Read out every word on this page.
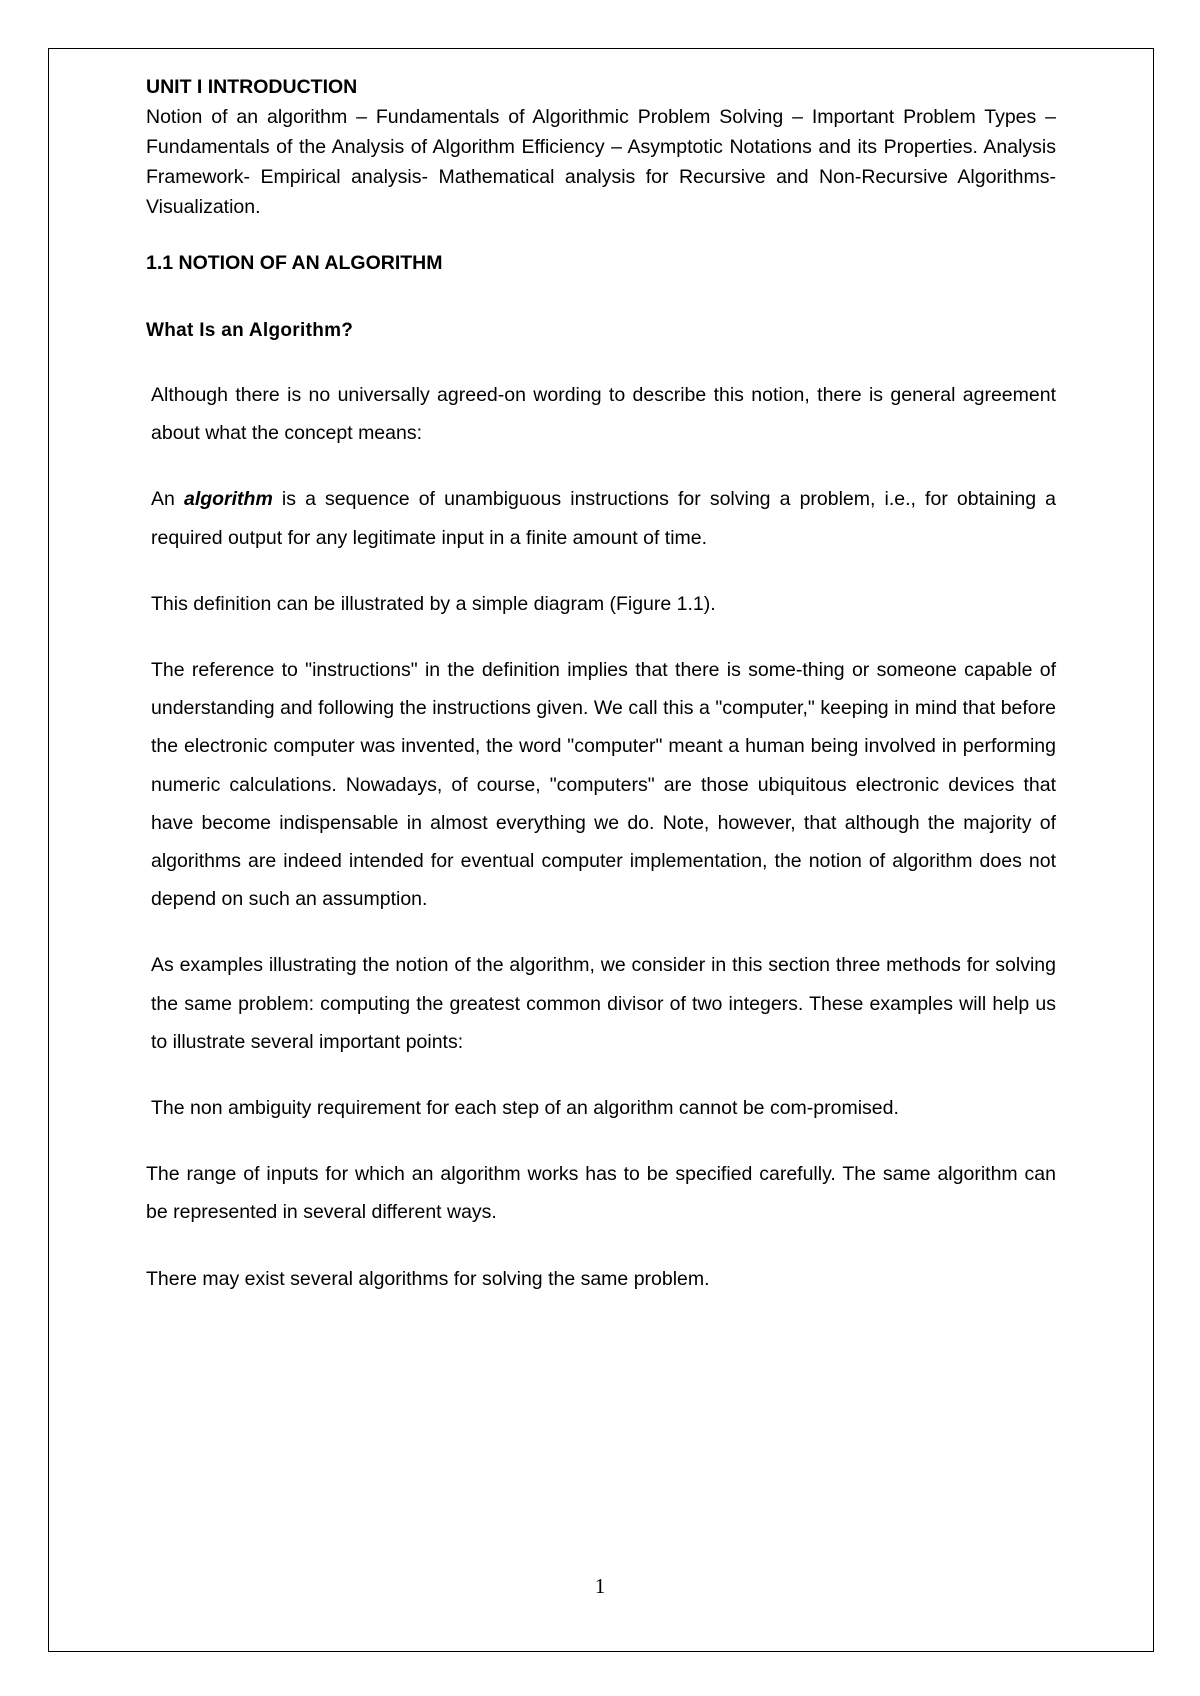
UNIT I INTRODUCTION

Notion of an algorithm – Fundamentals of Algorithmic Problem Solving – Important Problem Types –Fundamentals of the Analysis of Algorithm Efficiency – Asymptotic Notations and its Properties. Analysis Framework- Empirical analysis- Mathematical analysis for Recursive and Non-Recursive Algorithms-Visualization.

1.1 NOTION OF AN ALGORITHM

What Is an Algorithm?

Although there is no universally agreed-on wording to describe this notion, there is general agreement about what the concept means:

An algorithm is a sequence of unambiguous instructions for solving a problem, i.e., for obtaining a required output for any legitimate input in a finite amount of time.

This definition can be illustrated by a simple diagram (Figure 1.1).

The reference to "instructions" in the definition implies that there is some-thing or someone capable of understanding and following the instructions given. We call this a "computer," keeping in mind that before the electronic computer was invented, the word "computer" meant a human being involved in performing numeric calculations. Nowadays, of course, "computers" are those ubiquitous electronic devices that have become indispensable in almost everything we do. Note, however, that although the majority of algorithms are indeed intended for eventual computer implementation, the notion of algorithm does not depend on such an assumption.

As examples illustrating the notion of the algorithm, we consider in this section three methods for solving the same problem: computing the greatest common divisor of two integers. These examples will help us to illustrate several important points:

The non ambiguity requirement for each step of an algorithm cannot be com-promised.

The range of inputs for which an algorithm works has to be specified carefully. The same algorithm can be represented in several different ways.

There may exist several algorithms for solving the same problem.

1
